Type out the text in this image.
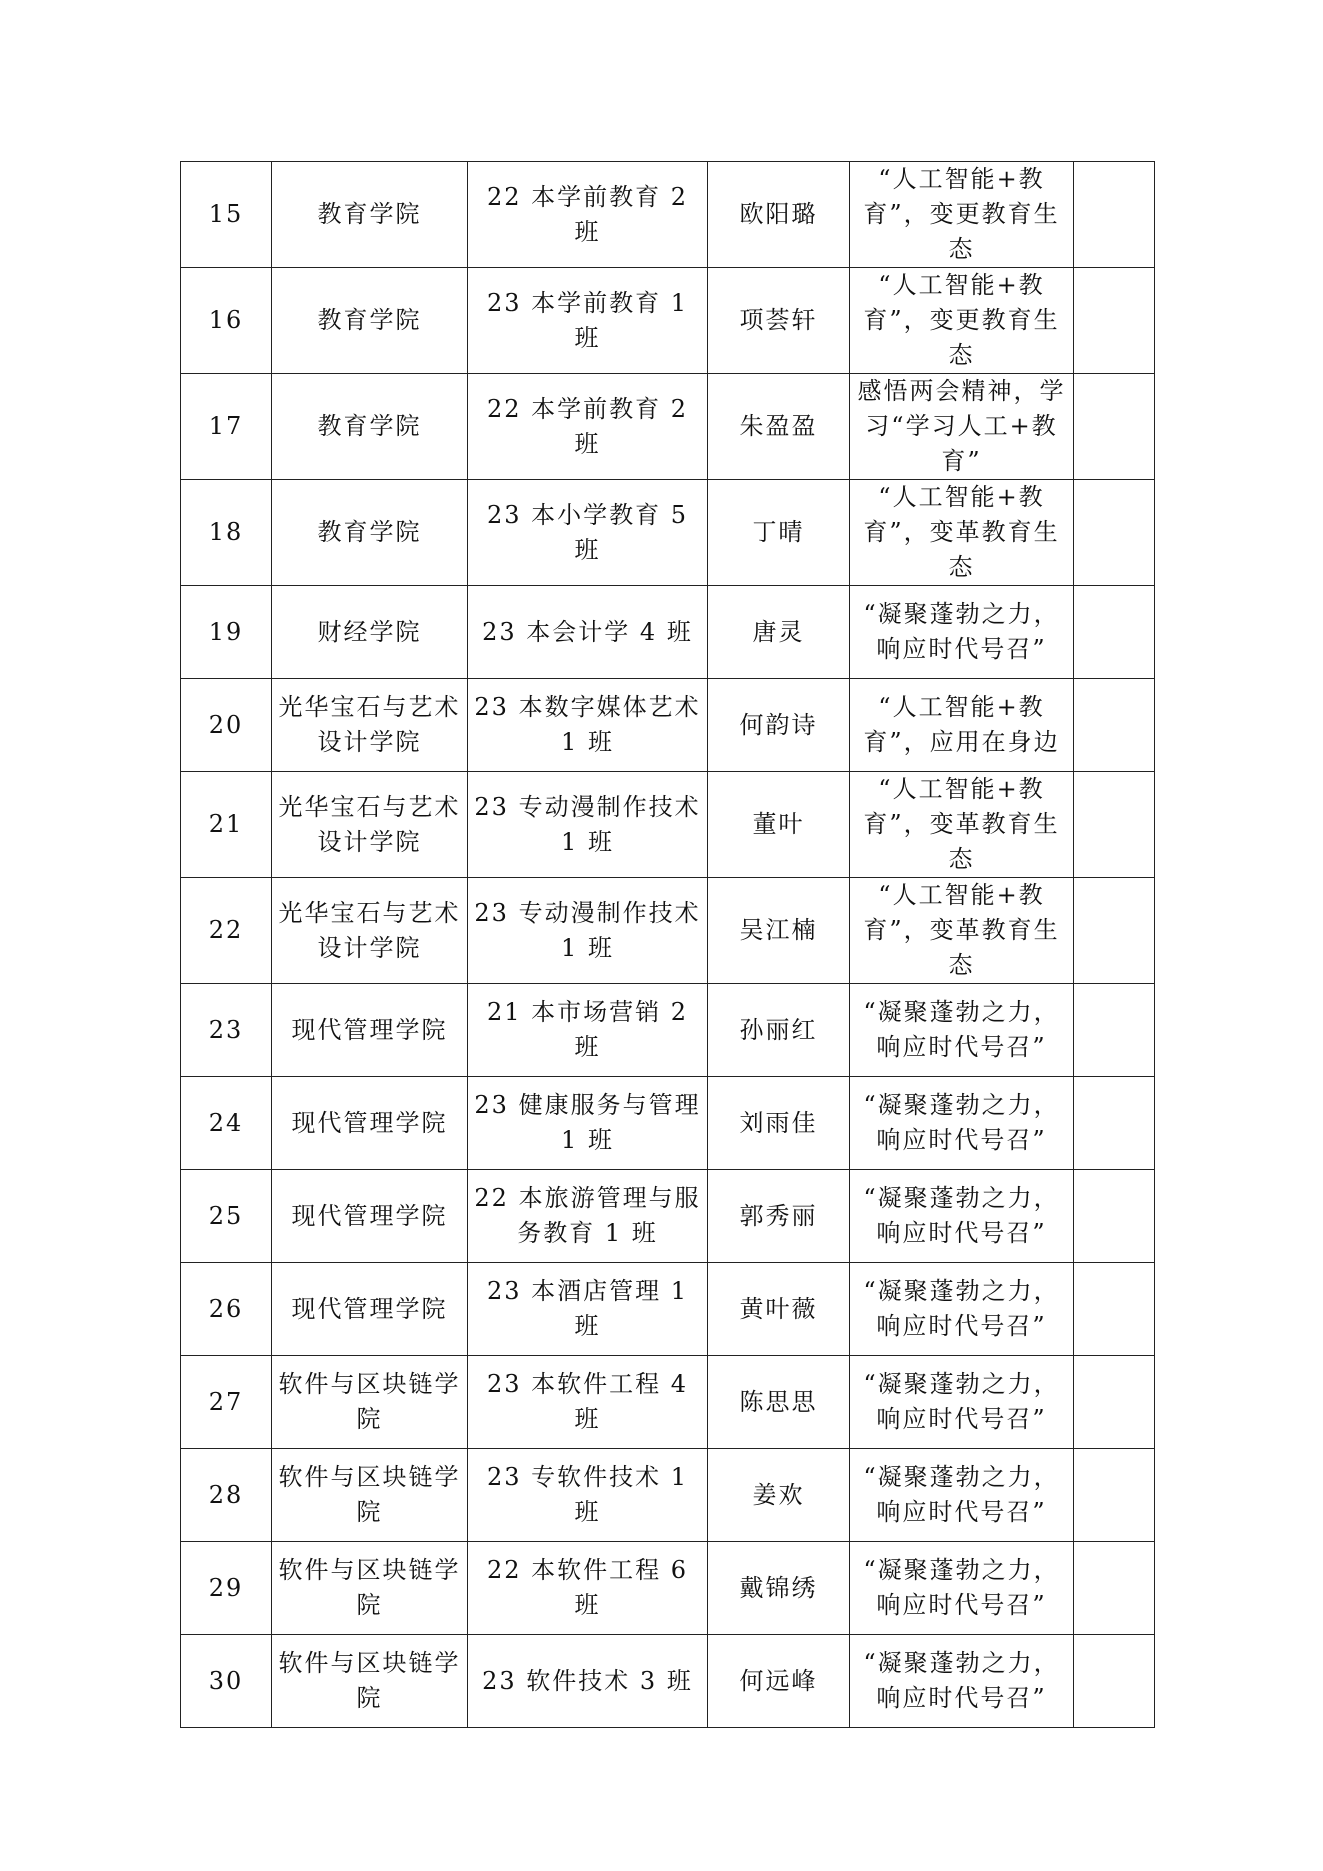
15	教育学院	22 本学前教育 2 班	欧阳璐	“人工智能+教育”，变更教育生态	
16	教育学院	23 本学前教育 1 班	项荟轩	“人工智能+教育”，变更教育生态	
17	教育学院	22 本学前教育 2 班	朱盈盈	感悟两会精神，学习“学习人工+教育”	
18	教育学院	23 本小学教育 5 班	丁晴	“人工智能+教育”，变革教育生态	
19	财经学院	23 本会计学 4 班	唐灵	“凝聚蓬勃之力，响应时代号召”	
20	光华宝石与艺术设计学院	23 本数字媒体艺术 1 班	何韵诗	“人工智能+教育”，应用在身边	
21	光华宝石与艺术设计学院	23 专动漫制作技术 1 班	董叶	“人工智能+教育”，变革教育生态	
22	光华宝石与艺术设计学院	23 专动漫制作技术 1 班	吴江楠	“人工智能+教育”，变革教育生态	
23	现代管理学院	21 本市场营销 2 班	孙丽红	“凝聚蓬勃之力，响应时代号召”	
24	现代管理学院	23 健康服务与管理 1 班	刘雨佳	“凝聚蓬勃之力，响应时代号召”	
25	现代管理学院	22 本旅游管理与服务教育 1 班	郭秀丽	“凝聚蓬勃之力，响应时代号召”	
26	现代管理学院	23 本酒店管理 1 班	黄叶薇	“凝聚蓬勃之力，响应时代号召”	
27	软件与区块链学院	23 本软件工程 4 班	陈思思	“凝聚蓬勃之力，响应时代号召”	
28	软件与区块链学院	23 专软件技术 1 班	姜欢	“凝聚蓬勃之力，响应时代号召”	
29	软件与区块链学院	22 本软件工程 6 班	戴锦绣	“凝聚蓬勃之力，响应时代号召”	
30	软件与区块链学院	23 软件技术 3 班	何远峰	“凝聚蓬勃之力，响应时代号召”	
